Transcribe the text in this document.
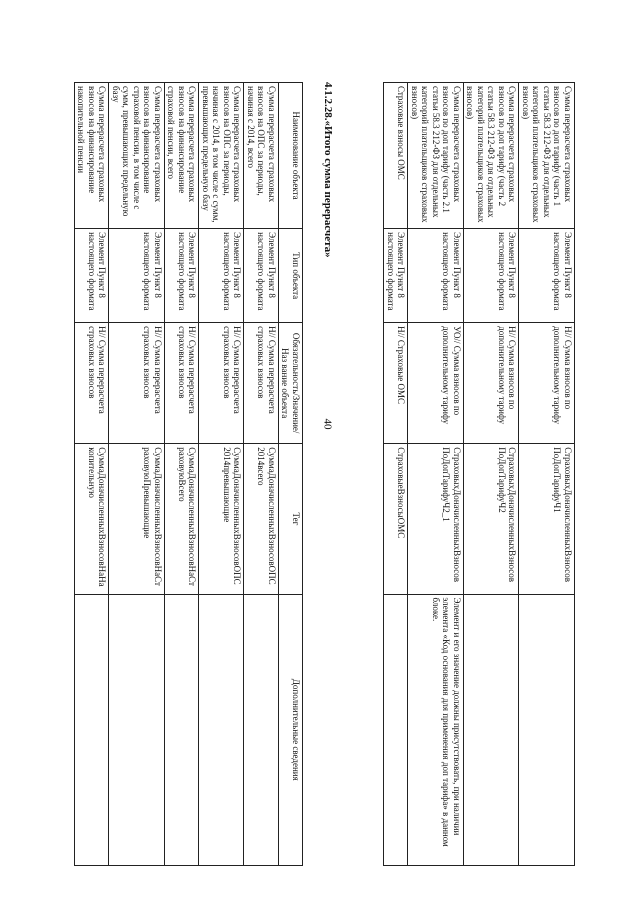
40
Сумма перерасчета страховых взносов по доп тарифу (часть 1 статьи 58.3 212-ФЗ для отдельных категорий плательщиков страховых взносов)	Элемент Пункт 8 настоящего формата	Н// Сумма взносов по дополнительному тарифу	СтраховыхДоначисленныхВзносов ПоДопТарифуЧ1	
Сумма перерасчета страховых взносов по доп тарифу (часть 2 статьи 58.3 212-ФЗ для отдельных категорий плательщиков страховых взносов)	Элемент Пункт 8 настоящего формата	Н// Сумма взносов по дополнительному тарифу	СтраховыхДоначисленныхВзносов ПоДопТарифуЧ2	
Сумма перерасчета страховых взносов по доп тарифу (часть 2.1 статьи 58.3 212-ФЗ для отдельных категорий плательщиков страховых взносов)	Элемент Пункт 8 настоящего формата	УО// Сумма взносов по дополнительному тарифу	СтраховыхДоначисленныхВзносов ПоДопТарифуЧ2_1	Элемент и его значение должны присутствовать, при наличии элемента «Код основания для применения доп тарифа» в данном блоке.
Страховые взносы ОМС	Элемент Пункт 8 настоящего формата	Н// Страховые ОМС	СтраховыеВзносыОМС	
4.1.2.28.«Итого сумма перерасчета»
Наименование объекта	Тип объекта	Обязательность/Значение/Наз вание объекта	Тег	Дополнительные сведения
Сумма перерасчета страховых взносов на ОПС за периоды, начиная с 2014, всего	Элемент Пункт 8 настоящего формата	Н// Сумма перерасчета страховых взносов	СуммаДоначисленныхВзносовОПС 2014всего	
Сумма перерасчета страховых взносов на ОПС за периоды, начиная с 2014, в том числе с сумм, превышающих предельную базу	Элемент Пункт 8 настоящего формата	Н// Сумма перерасчета страховых взносов	СуммаДоначисленныхВзносовОПС 2014превышающие	
Сумма перерасчета страховых взносов на финансирование страховой пенсии, всего	Элемент Пункт 8 настоящего формата	Н// Сумма перерасчета страховых взносов	СуммаДоначисленныхВзносовНаСт раховуюВсего	
Сумма перерасчета страховых взносов на финансирование страховой пенсии, в том числе с сумм, превышающих предельную базу	Элемент Пункт 8 настоящего формата	Н// Сумма перерасчета страховых взносов	СуммаДоначисленныхВзносовНаСт раховуюПревышающие	
Сумма перерасчета страховых взносов на финансирование накопительной пенсии	Элемент Пункт 8 настоящего формата	Н// Сумма перерасчета страховых взносов	СуммаДоначисленныхВзносовНаНа копительную	
